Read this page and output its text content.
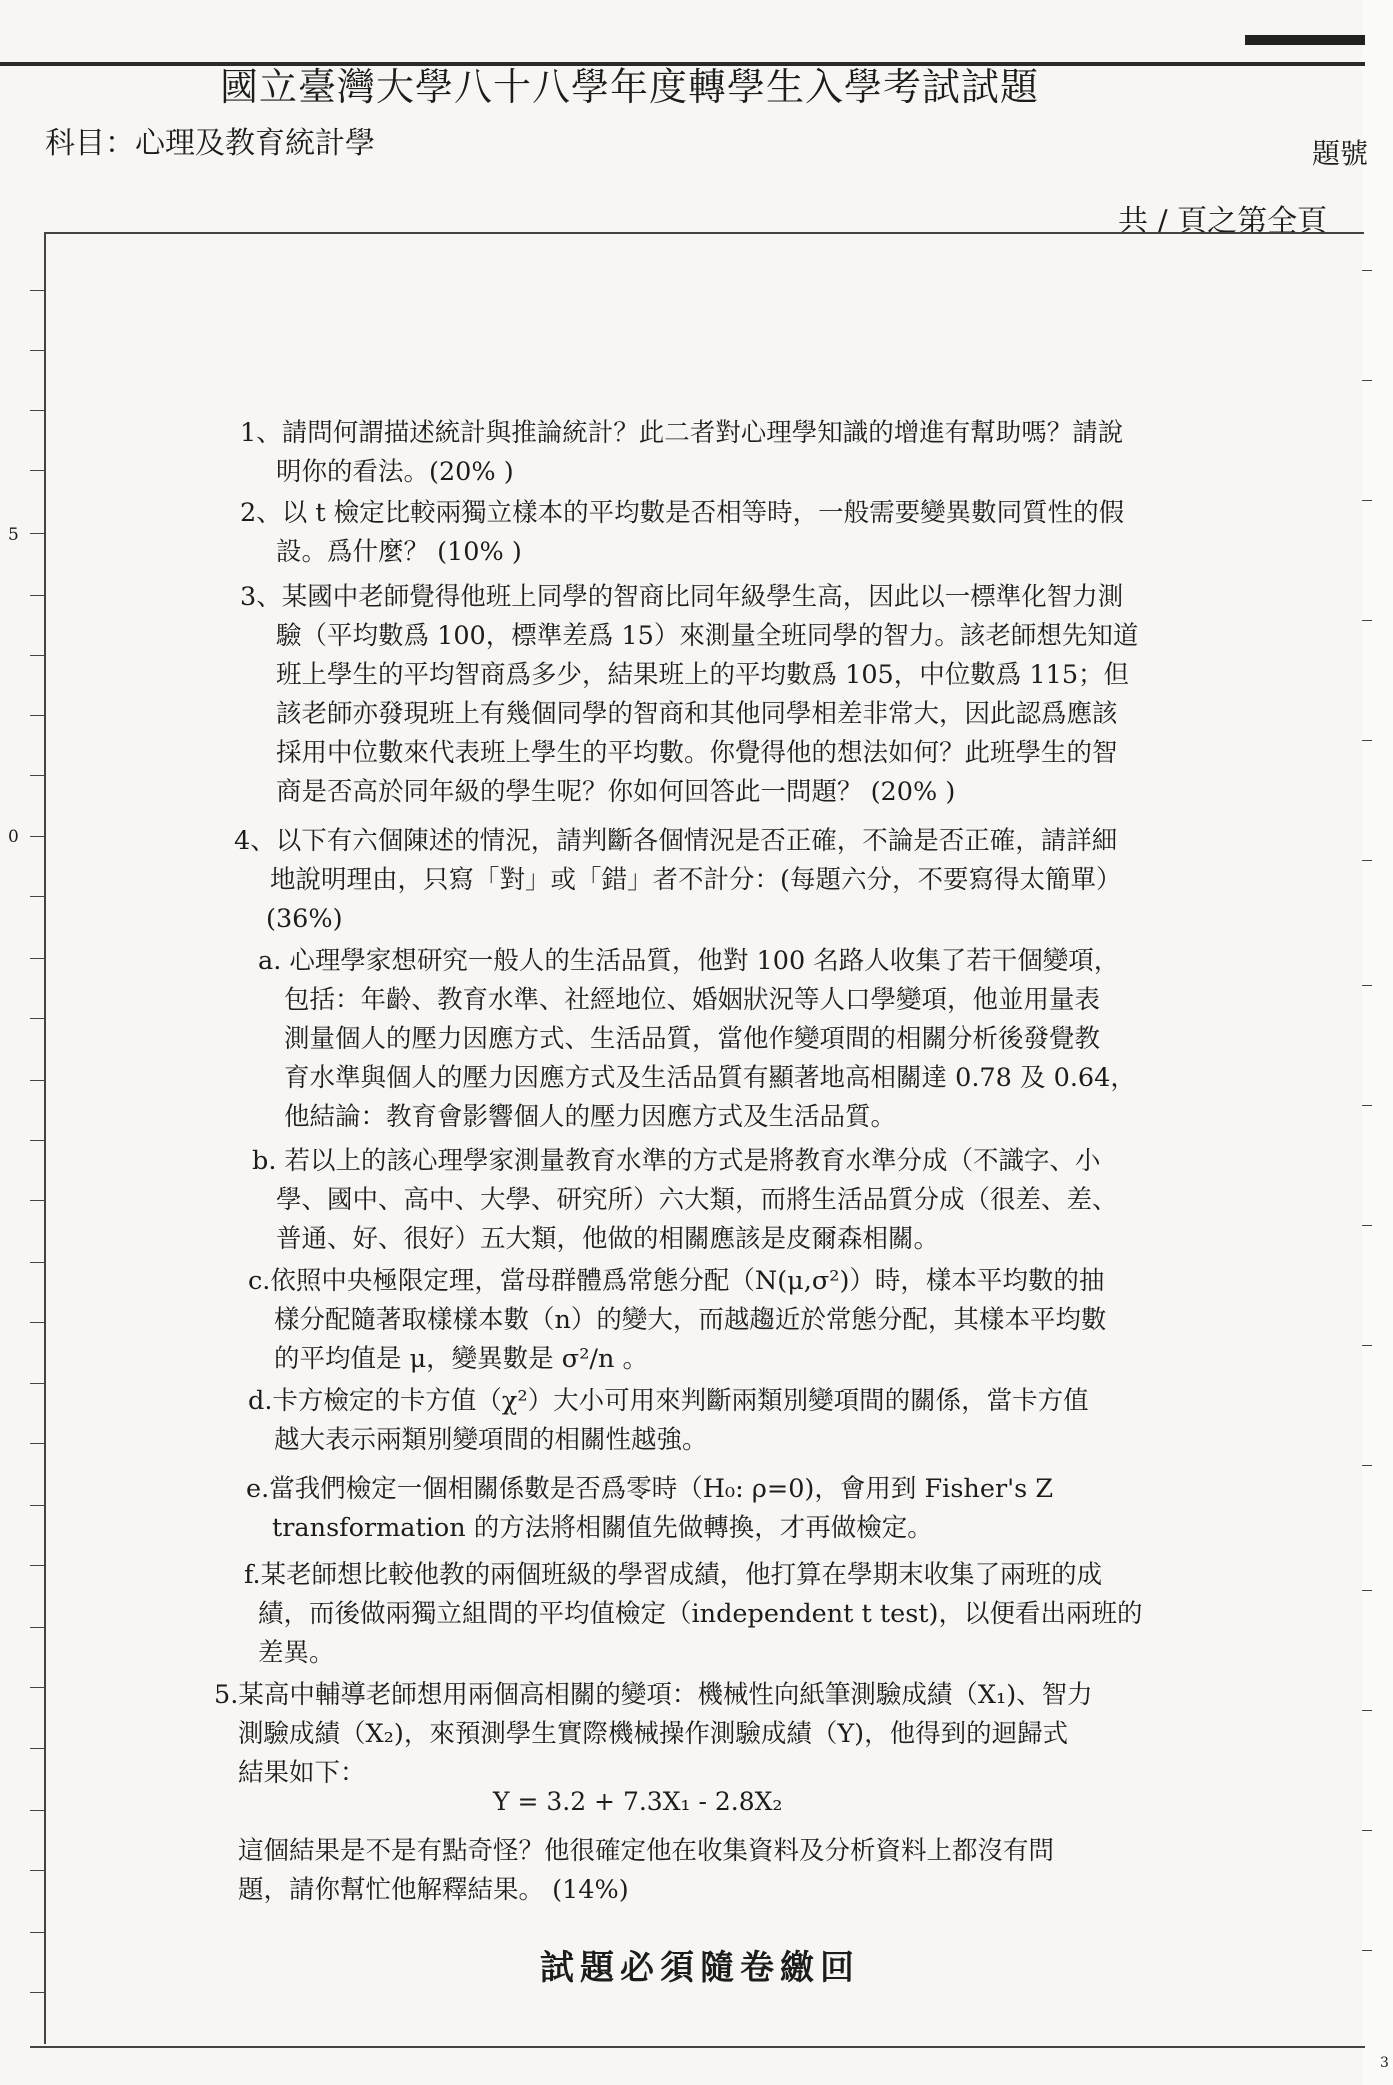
國立臺灣大學八十八學年度轉學生入學考試試題
科目：心理及教育統計學	題號
共 / 頁之第全頁
5
0
3
1、請問何謂描述統計與推論統計？此二者對心理學知識的增進有幫助嗎？請說
明你的看法。(20% )
2、以 t 檢定比較兩獨立樣本的平均數是否相等時，一般需要變異數同質性的假
設。爲什麼？ (10% )
3、某國中老師覺得他班上同學的智商比同年級學生高，因此以一標準化智力測
驗（平均數爲 100，標準差爲 15）來測量全班同學的智力。該老師想先知道
班上學生的平均智商爲多少，結果班上的平均數爲 105，中位數爲 115；但
該老師亦發現班上有幾個同學的智商和其他同學相差非常大，因此認爲應該
採用中位數來代表班上學生的平均數。你覺得他的想法如何？此班學生的智
商是否高於同年級的學生呢？你如何回答此一問題？ (20% )
4、以下有六個陳述的情況，請判斷各個情況是否正確，不論是否正確，請詳細
地說明理由，只寫「對」或「錯」者不計分：(每題六分，不要寫得太簡單）
(36%)
a. 心理學家想研究一般人的生活品質，他對 100 名路人收集了若干個變項，
包括：年齡、教育水準、社經地位、婚姻狀況等人口學變項，他並用量表
測量個人的壓力因應方式、生活品質，當他作變項間的相關分析後發覺教
育水準與個人的壓力因應方式及生活品質有顯著地高相關達 0.78 及 0.64，
他結論：教育會影響個人的壓力因應方式及生活品質。
b. 若以上的該心理學家測量教育水準的方式是將教育水準分成（不識字、小
學、國中、高中、大學、研究所）六大類，而將生活品質分成（很差、差、
普通、好、很好）五大類，他做的相關應該是皮爾森相關。
c.依照中央極限定理，當母群體爲常態分配（N(μ,σ²)）時，樣本平均數的抽
樣分配隨著取樣樣本數（n）的變大，而越趨近於常態分配，其樣本平均數
的平均值是 μ，變異數是 σ²/n 。
d.卡方檢定的卡方值（χ²）大小可用來判斷兩類別變項間的關係，當卡方值
越大表示兩類別變項間的相關性越強。
e.當我們檢定一個相關係數是否爲零時（H₀: ρ=0)，會用到 Fisher's Z
transformation 的方法將相關值先做轉換，才再做檢定。
f.某老師想比較他教的兩個班級的學習成績，他打算在學期末收集了兩班的成
績，而後做兩獨立組間的平均值檢定（independent t test)，以便看出兩班的
差異。
5.某高中輔導老師想用兩個高相關的變項：機械性向紙筆測驗成績（X₁)、智力
測驗成績（X₂)，來預測學生實際機械操作測驗成績（Y)，他得到的迴歸式
結果如下：
Y = 3.2 + 7.3X₁ - 2.8X₂
這個結果是不是有點奇怪？他很確定他在收集資料及分析資料上都沒有問
題，請你幫忙他解釋結果。 (14%)
試題必須隨卷繳回
